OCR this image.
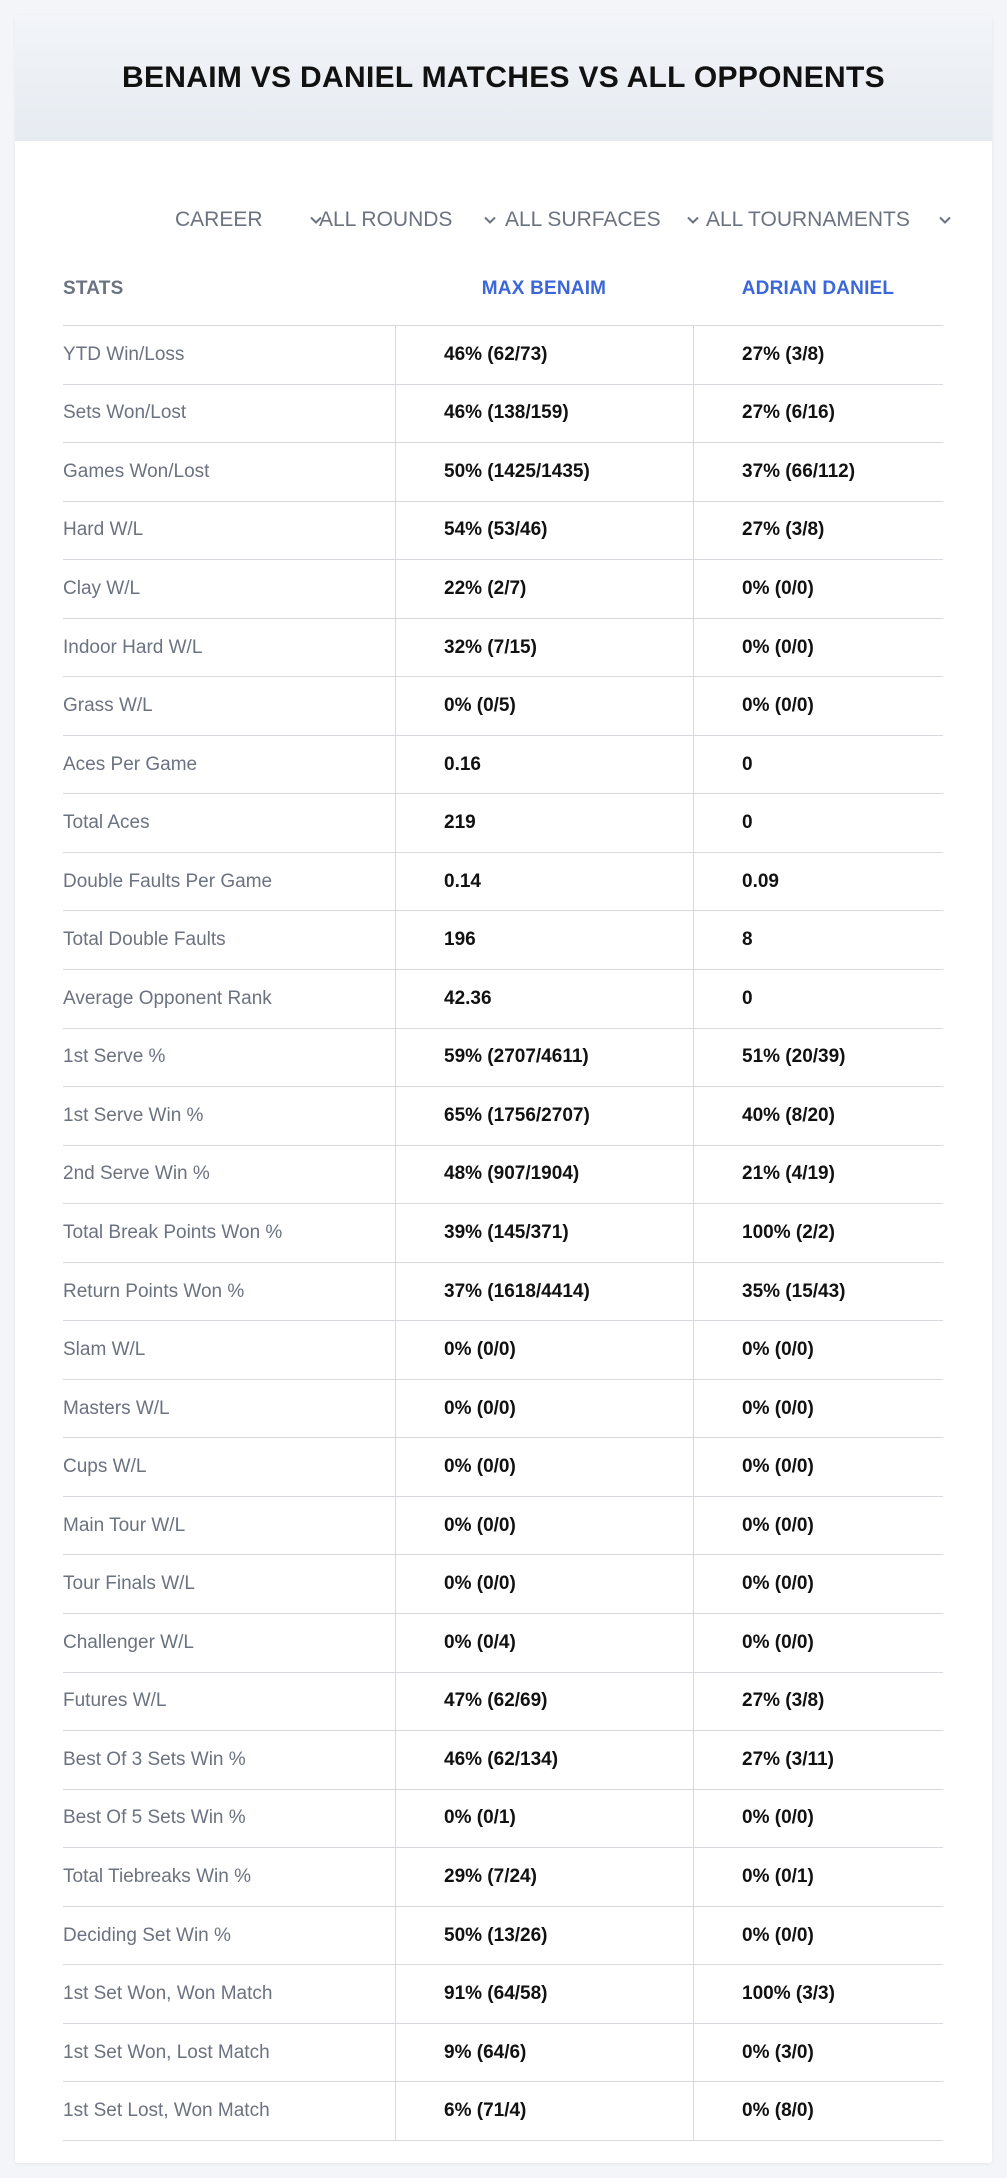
BENAIM VS DANIEL MATCHES VS ALL OPPONENTS
CAREER	ALL ROUNDS	ALL SURFACES ALL TOURNAMENTS
STATS	MAX BENAIM	ADRIAN DANIEL
YTD Win/Loss	46% (62/73)	27% (3/8)
Sets Won/Lost	46% (138/159)	27% (6/16)
Games Won/Lost	50% (1425/1435)	37% (66/112)
Hard W/L	54% (53/46)	27% (3/8)
Clay W/L	22% (2/7)	0% (0/0)
Indoor Hard W/L	32% (7/15)	0% (0/0)
Grass W/L	0% (0/5)	0% (0/0)
Aces Per Game	0.16	0
Total Aces	219	0
Double Faults Per Game	0.14	0.09
Total Double Faults	196	8
Average Opponent Rank	42.36	0
1st Serve %	59% (2707/4611)	51% (20/39)
1st Serve Win %	65% (1756/2707)	40% (8/20)
2nd Serve Win %	48% (907/1904)	21% (4/19)
Total Break Points Won %	39% (145/371)	100% (2/2)
Return Points Won %	37% (1618/4414)	35% (15/43)
Slam W/L	0% (0/0)	0% (0/0)
Masters W/L	0% (0/0)	0% (0/0)
Cups W/L	0% (0/0)	0% (0/0)
Main Tour W/L	0% (0/0)	0% (0/0)
Tour Finals W/L	0% (0/0)	0% (0/0)
Challenger W/L	0% (0/4)	0% (0/0)
Futures W/L	47% (62/69)	27% (3/8)
Best Of 3 Sets Win %	46% (62/134)	27% (3/11)
Best Of 5 Sets Win %	0% (0/1)	0% (0/0)
Total Tiebreaks Win %	29% (7/24)	0% (0/1)
Deciding Set Win %	50% (13/26)	0% (0/0)
1st Set Won, Won Match	91% (64/58)	100% (3/3)
1st Set Won, Lost Match	9% (64/6)	0% (3/0)
1st Set Lost, Won Match	6% (71/4)	0% (8/0)
